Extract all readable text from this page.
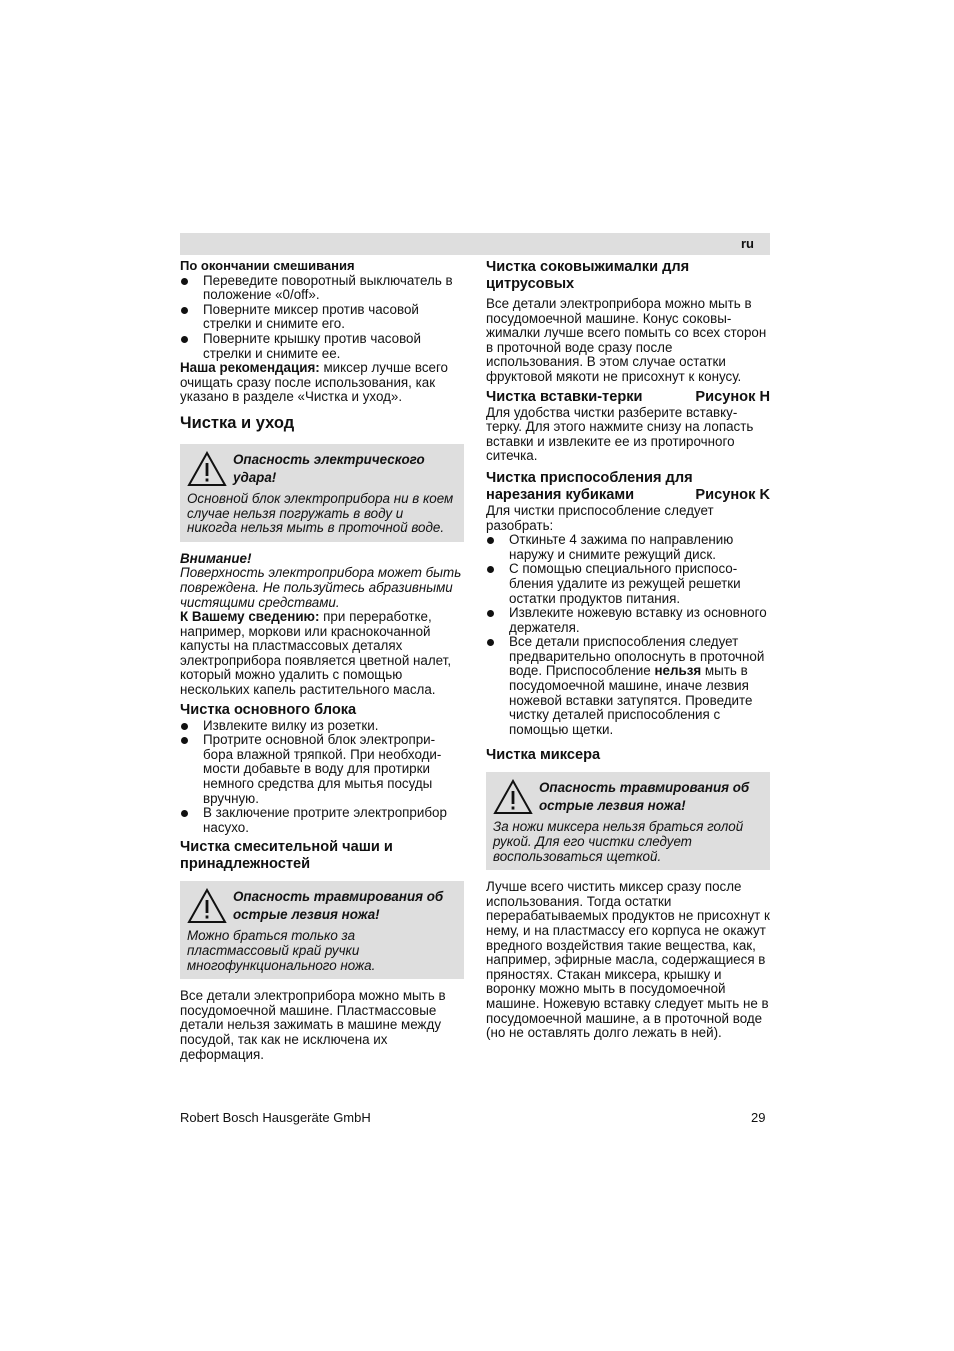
ru

По окончании смешивания

Переведите поворотный выключатель в положение «0/off».
Поверните миксер против часовой стрелки и снимите его.
Поверните крышку против часовой стрелки и снимите ее.

Наша рекомендация: миксер лучше всего очищать сразу после использования, как указано в разделе «Чистка и уход».

Чистка и уход
Опасность электрического удара!
Основной блок электроприбора ни в коем случае нельзя погружать в воду и никогда нельзя мыть в проточной воде.

Внимание!

Поверхность электроприбора может быть повреждена. Не пользуйтесь абразивными чистящими средствами.

К Вашему сведению: при переработке, например, моркови или краснокочанной капусты на пластмассовых деталях электроприбора появляется цветной налет, который можно удалить с помощью нескольких капель растительного масла.

Чистка основного блока
Извлеките вилку из розетки.
Протрите основной блок электропри-бора влажной тряпкой. При необходи-мости добавьте в воду для протирки немного средства для мытья посуды вручную.
В заключение протрите электроприбор насухо.
Чистка смесительной чаши и принадлежностей
Опасность травмирования об острые лезвия ножа!
Можно браться только за пластмассовый край ручки многофункционального ножа.

Все детали электроприбора можно мыть в посудомоечной машине. Пластмассовые детали нельзя зажимать в машине между посудой, так как не исключена их деформация.

Чистка соковыжималки для цитрусовых

Все детали электроприбора можно мыть в посудомоечной машине. Конус соковы-жималки лучше всего помыть со всех сторон в проточной воде сразу после использования. В этом случае остатки фруктовой мякоти не присохнут к конусу.

Чистка вставки-терки	Рисунок H

Для удобства чистки разберите вставку-терку. Для этого нажмите снизу на лопасть вставки и извлеките ее из протирочного ситечка.

Чистка приспособления для
нарезания кубиками	Рисунок K

Для чистки приспособление следует разобрать:

Откиньте 4 зажима по направлению наружу и снимите режущий диск.
С помощью специального приспосо-бления удалите из режущей решетки остатки продуктов питания.
Извлеките ножевую вставку из основного держателя.
Все детали приспособления следует предварительно ополоснуть в проточной воде. Приспособление нельзя мыть в посудомоечной машине, иначе лезвия ножевой вставки затупятся. Проведите чистку деталей приспособления с помощью щетки.
Чистка миксера
Опасность травмирования об острые лезвия ножа!
За ножи миксера нельзя браться голой рукой. Для его чистки следует воспользоваться щеткой.

Лучше всего чистить миксер сразу после использования. Тогда остатки перерабатываемых продуктов не присохнут к нему, и на пластмассу его корпуса не окажут вредного воздействия такие вещества, как, например, эфирные масла, содержащиеся в пряностях. Стакан миксера, крышку и воронку можно мыть в посудомоечной машине. Ножевую вставку следует мыть не в посудомоечной машине, а в проточной воде (но не оставлять долго лежать в ней).

Robert Bosch Hausgeräte GmbH	29
